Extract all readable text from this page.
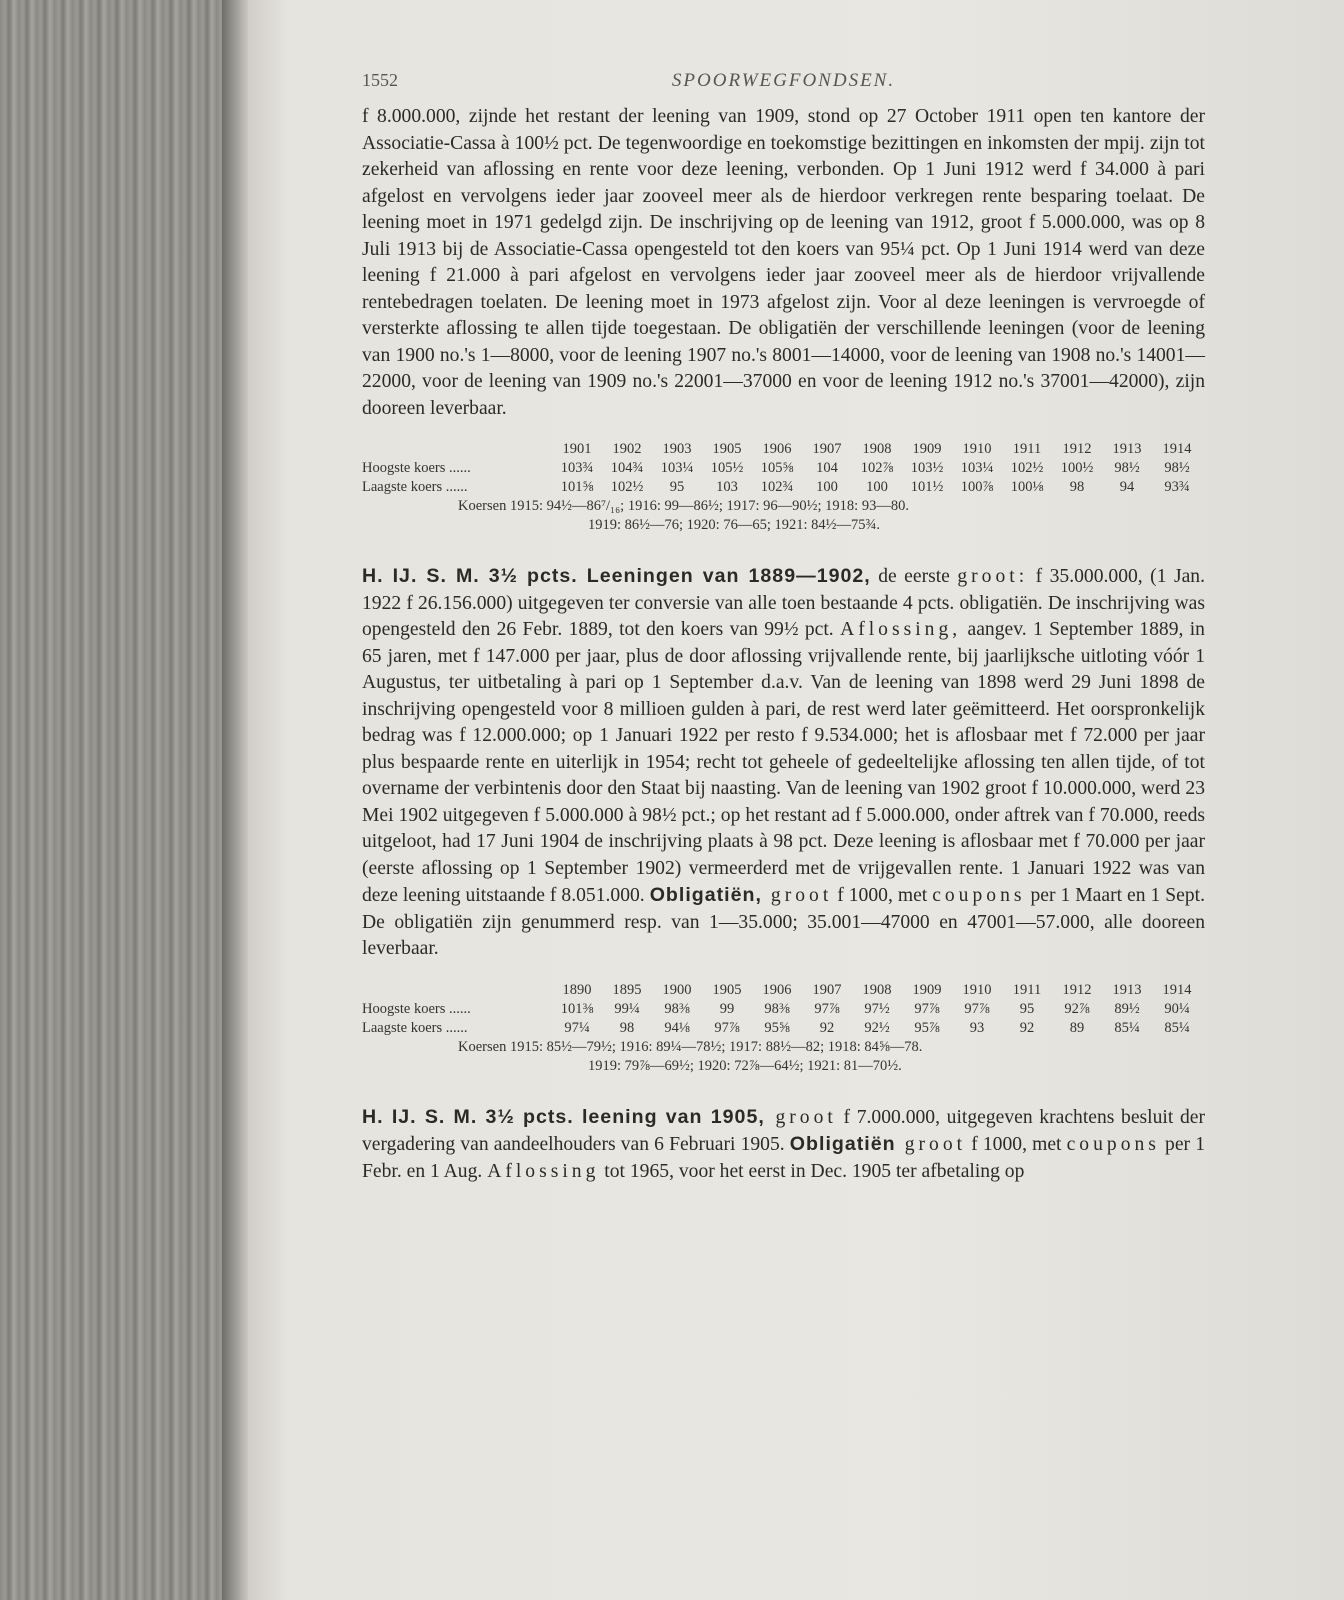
1552	SPOORWEGFONDSEN.

f 8.000.000, zijnde het restant der leening van 1909, stond op 27 October 1911 open ten kantore der Associatie-Cassa à 100½ pct. De tegenwoordige en toekomstige bezittingen en inkomsten der mpij. zijn tot zekerheid van aflossing en rente voor deze leening, verbonden. Op 1 Juni 1912 werd f 34.000 à pari afgelost en vervolgens ieder jaar zooveel meer als de hierdoor verkregen rente besparing toelaat. De leening moet in 1971 gedelgd zijn. De inschrijving op de leening van 1912, groot f 5.000.000, was op 8 Juli 1913 bij de Associatie-Cassa opengesteld tot den koers van 95¼ pct. Op 1 Juni 1914 werd van deze leening f 21.000 à pari afgelost en vervolgens ieder jaar zooveel meer als de hierdoor vrijvallende rentebedragen toelaten. De leening moet in 1973 afgelost zijn. Voor al deze leeningen is vervroegde of versterkte aflossing te allen tijde toegestaan. De obligatiën der verschillende leeningen (voor de leening van 1900 no.'s 1—8000, voor de leening 1907 no.'s 8001—14000, voor de leening van 1908 no.'s 14001—22000, voor de leening van 1909 no.'s 22001—37000 en voor de leening 1912 no.'s 37001—42000), zijn dooreen leverbaar.

1901	1902	1903	1905	1906	1907	1908	1909	1910	1911	1912	1913	1914
Hoogste koers ......	103¾	104¾	103¼	105½	105⅝	104	102⅞	103½	103¼	102½	100½	98½	98½
Laagste koers ......	101⅝	102½	95	103	102¾	100	100	101½	100⅞	100⅛	98	94	93¾
Koersen 1915: 94½—86⁷/₁₆; 1916: 99—86½; 1917: 96—90½; 1918: 93—80.
1919: 86½—76; 1920: 76—65; 1921: 84½—75¾.

H. IJ. S. M. 3½ pcts. Leeningen van 1889—1902, de eerste groot: f 35.000.000, (1 Jan. 1922 f 26.156.000) uitgegeven ter conversie van alle toen bestaande 4 pcts. obligatiën. De inschrijving was opengesteld den 26 Febr. 1889, tot den koers van 99½ pct. Aflossing, aangev. 1 September 1889, in 65 jaren, met f 147.000 per jaar, plus de door aflossing vrijvallende rente, bij jaarlijksche uitloting vóór 1 Augustus, ter uitbetaling à pari op 1 September d.a.v. Van de leening van 1898 werd 29 Juni 1898 de inschrijving opengesteld voor 8 millioen gulden à pari, de rest werd later geëmitteerd. Het oorspronkelijk bedrag was f 12.000.000; op 1 Januari 1922 per resto f 9.534.000; het is aflosbaar met f 72.000 per jaar plus bespaarde rente en uiterlijk in 1954; recht tot geheele of gedeeltelijke aflossing ten allen tijde, of tot overname der verbintenis door den Staat bij naasting. Van de leening van 1902 groot f 10.000.000, werd 23 Mei 1902 uitgegeven f 5.000.000 à 98½ pct.; op het restant ad f 5.000.000, onder aftrek van f 70.000, reeds uitgeloot, had 17 Juni 1904 de inschrijving plaats à 98 pct. Deze leening is aflosbaar met f 70.000 per jaar (eerste aflossing op 1 September 1902) vermeerderd met de vrijgevallen rente. 1 Januari 1922 was van deze leening uitstaande f 8.051.000. Obligatiën, groot f 1000, met coupons per 1 Maart en 1 Sept. De obligatiën zijn genummerd resp. van 1—35.000; 35.001—47000 en 47001—57.000, alle dooreen leverbaar.

1890	1895	1900	1905	1906	1907	1908	1909	1910	1911	1912	1913	1914
Hoogste koers ......	101⅜	99¼	98⅜	99	98⅜	97⅞	97½	97⅞	97⅞	95	92⅞	89½	90¼
Laagste koers ......	97¼	98	94⅛	97⅞	95⅝	92	92½	95⅞	93	92	89	85¼	85¼
Koersen 1915: 85½—79½; 1916: 89¼—78½; 1917: 88½—82; 1918: 84⅝—78.
1919: 79⅞—69½; 1920: 72⅞—64½; 1921: 81—70½.

H. IJ. S. M. 3½ pcts. leening van 1905, groot f 7.000.000, uitgegeven krachtens besluit der vergadering van aandeelhouders van 6 Februari 1905. Obligatiën groot f 1000, met coupons per 1 Febr. en 1 Aug. Aflossing tot 1965, voor het eerst in Dec. 1905 ter afbetaling op
